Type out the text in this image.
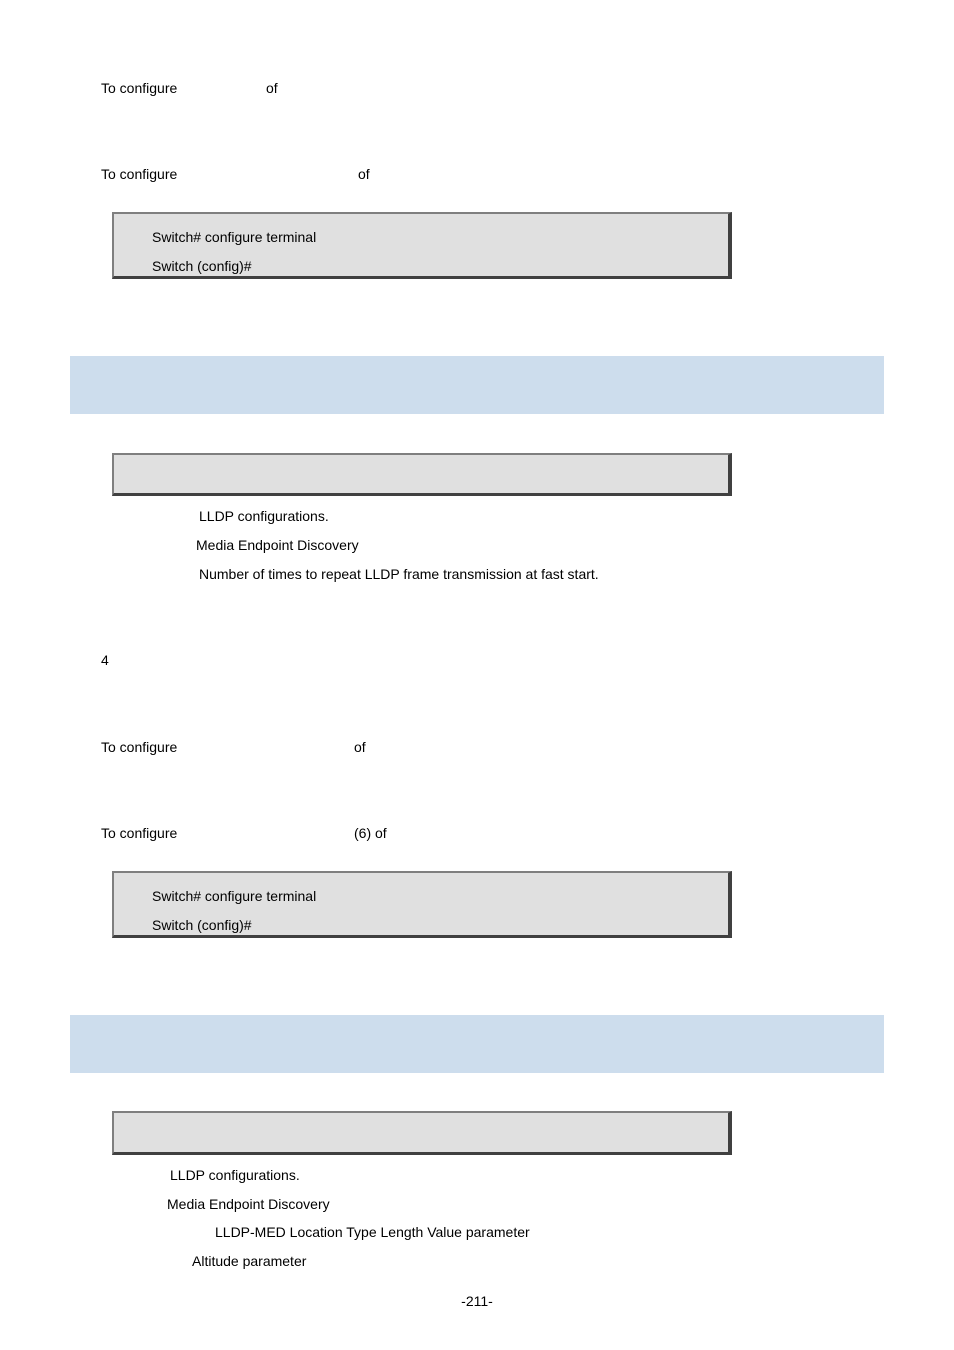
To configure	of
To configure	of
Switch# configure terminal
Switch (config)#
LLDP configurations.
Media Endpoint Discovery
Number of times to repeat LLDP frame transmission at fast start.
4
To configure	of
To configure	(6) of
Switch# configure terminal
Switch (config)#
LLDP configurations.
Media Endpoint Discovery
LLDP-MED Location Type Length Value parameter
Altitude parameter
-211-
